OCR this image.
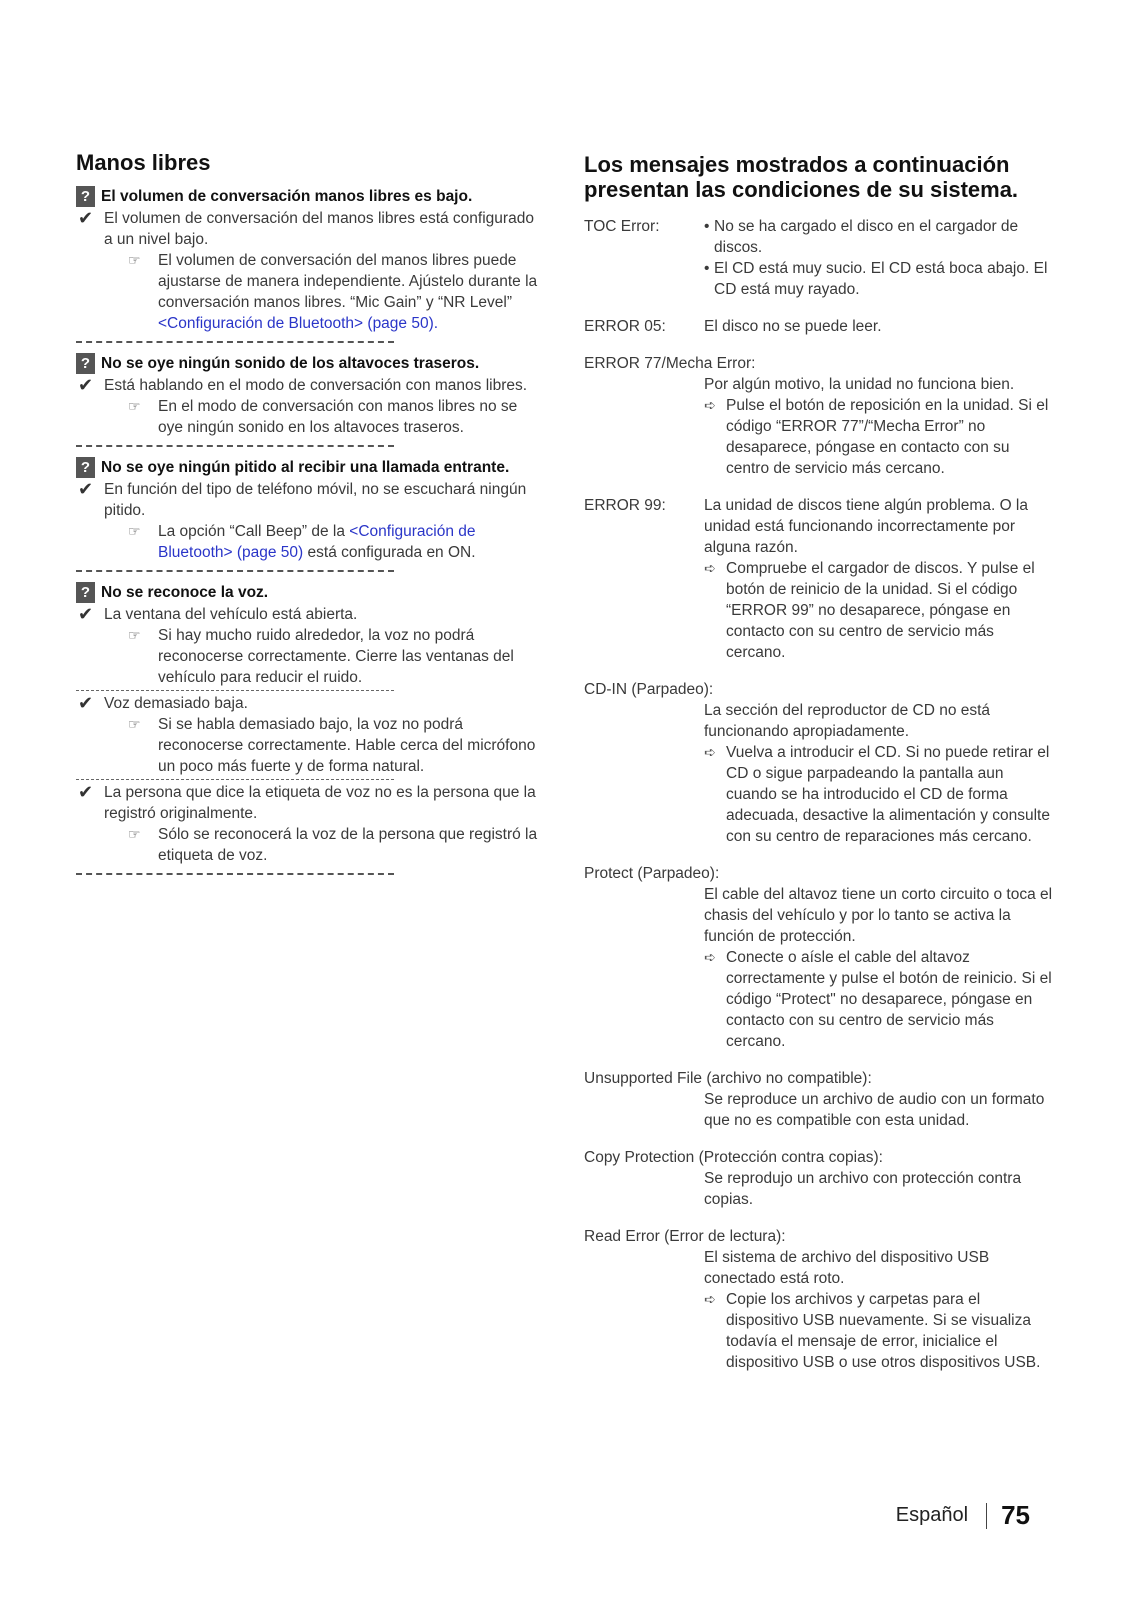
Manos libres
? El volumen de conversación manos libres es bajo.
✔ El volumen de conversación del manos libres está configurado a un nivel bajo.
☞	El volumen de conversación del manos libres puede ajustarse de manera independiente. Ajústelo durante la conversación manos libres. “Mic Gain” y “NR Level” <Configuración de Bluetooth> (page 50).
? No se oye ningún sonido de los altavoces traseros.
✔ Está hablando en el modo de conversación con manos libres.
☞	En el modo de conversación con manos libres no se oye ningún sonido en los altavoces traseros.
? No se oye ningún pitido al recibir una llamada entrante.
✔ En función del tipo de teléfono móvil, no se escuchará ningún pitido.
☞	La opción “Call Beep” de la <Configuración de Bluetooth> (page 50) está configurada en ON.
? No se reconoce la voz.
✔ La ventana del vehículo está abierta.
☞	Si hay mucho ruido alrededor, la voz no podrá reconocerse correctamente. Cierre las ventanas del vehículo para reducir el ruido.
✔ Voz demasiado baja.
☞	Si se habla demasiado bajo, la voz no podrá reconocerse correctamente. Hable cerca del micrófono un poco más fuerte y de forma natural.
✔ La persona que dice la etiqueta de voz no es la persona que la registró originalmente.
☞	Sólo se reconocerá la voz de la persona que registró la etiqueta de voz.
Los mensajes mostrados a continuación presentan las condiciones de su sistema.
TOC Error:	• No se ha cargado el disco en el cargador de discos.
• El CD está muy sucio. El CD está boca abajo. El CD está muy rayado.
ERROR 05:	El disco no se puede leer.
ERROR 77/Mecha Error:
Por algún motivo, la unidad no funciona bien.
➪ Pulse el botón de reposición en la unidad. Si el código “ERROR 77”/“Mecha Error” no desaparece, póngase en contacto con su centro de servicio más cercano.
ERROR 99:	La unidad de discos tiene algún problema. O la unidad está funcionando incorrectamente por alguna razón.
➪ Compruebe el cargador de discos. Y pulse el botón de reinicio de la unidad. Si el código “ERROR 99” no desaparece, póngase en contacto con su centro de servicio más cercano.
CD-IN (Parpadeo):
La sección del reproductor de CD no está funcionando apropiadamente.
➪ Vuelva a introducir el CD. Si no puede retirar el CD o sigue parpadeando la pantalla aun cuando se ha introducido el CD de forma adecuada, desactive la alimentación y consulte con su centro de reparaciones más cercano.
Protect (Parpadeo):
El cable del altavoz tiene un corto circuito o toca el chasis del vehículo y por lo tanto se activa la función de protección.
➪ Conecte o aísle el cable del altavoz correctamente y pulse el botón de reinicio. Si el código “Protect" no desaparece, póngase en contacto con su centro de servicio más cercano.
Unsupported File (archivo no compatible):
Se reproduce un archivo de audio con un formato que no es compatible con esta unidad.
Copy Protection (Protección contra copias):
Se reprodujo un archivo con protección contra copias.
Read Error (Error de lectura):
El sistema de archivo del dispositivo USB conectado está roto.
➪ Copie los archivos y carpetas para el dispositivo USB nuevamente. Si se visualiza todavía el mensaje de error, inicialice el dispositivo USB o use otros dispositivos USB.
Español 75
